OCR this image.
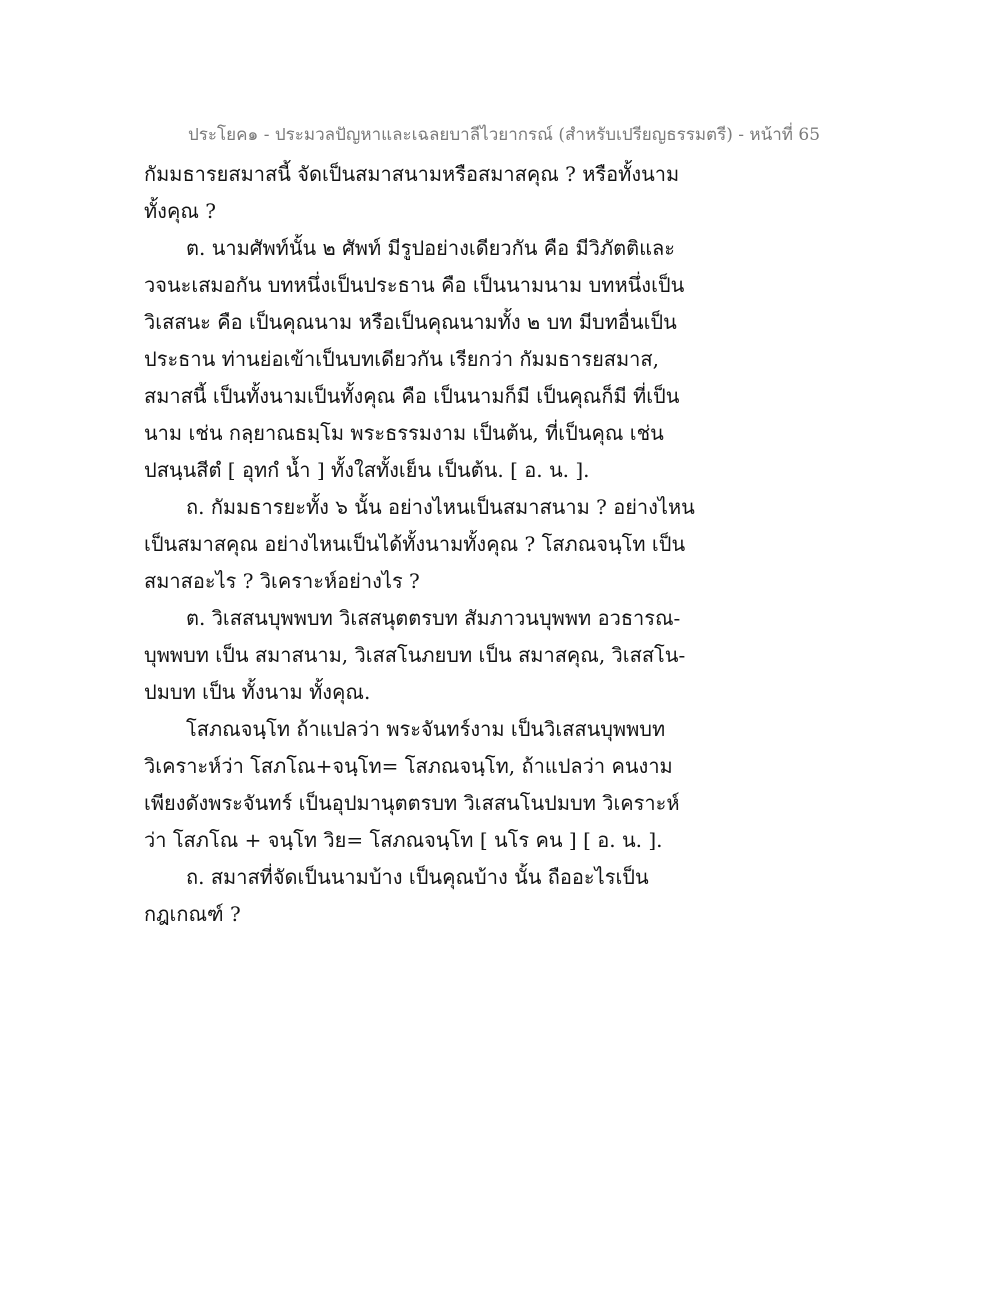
ประโยค๑ - ประมวลปัญหาและเฉลยบาลีไวยากรณ์ (สำหรับเปรียญธรรมตรี) - หน้าที่ 65
กัมมธารยสมาสนี้ จัดเป็นสมาสนามหรือสมาสคุณ ? หรือทั้งนาม
ทั้งคุณ ?
ต. นามศัพท์นั้น ๒ ศัพท์ มีรูปอย่างเดียวกัน คือ มีวิภัตติและ
วจนะเสมอกัน บทหนึ่งเป็นประธาน คือ เป็นนามนาม บทหนึ่งเป็น
วิเสสนะ คือ เป็นคุณนาม หรือเป็นคุณนามทั้ง ๒ บท มีบทอื่นเป็น
ประธาน ท่านย่อเข้าเป็นบทเดียวกัน เรียกว่า กัมมธารยสมาส,
สมาสนี้ เป็นทั้งนามเป็นทั้งคุณ คือ เป็นนามก็มี เป็นคุณก็มี ที่เป็น
นาม เช่น กลฺยาณธมฺโม พระธรรมงาม เป็นต้น, ที่เป็นคุณ เช่น
ปสนฺนสีตํ [ อุทกํ น้ำ ] ทั้งใสทั้งเย็น เป็นต้น. [ อ. น. ].
ถ. กัมมธารยะทั้ง ๖ นั้น อย่างไหนเป็นสมาสนาม ? อย่างไหน
เป็นสมาสคุณ อย่างไหนเป็นได้ทั้งนามทั้งคุณ ? โสภณจนฺโท เป็น
สมาสอะไร ? วิเคราะห์อย่างไร ?
ต. วิเสสนบุพพบท วิเสสนุตตรบท สัมภาวนบุพพท อวธารณ-
บุพพบท เป็น สมาสนาม, วิเสสโนภยบท เป็น สมาสคุณ, วิเสสโน-
ปมบท เป็น ทั้งนาม ทั้งคุณ.
โสภณจนฺโท ถ้าแปลว่า พระจันทร์งาม เป็นวิเสสนบุพพบท
วิเคราะห์ว่า โสภโณ+จนฺโท= โสภณจนฺโท, ถ้าแปลว่า คนงาม
เพียงดังพระจันทร์ เป็นอุปมานุตตรบท วิเสสนโนปมบท วิเคราะห์
ว่า โสภโณ + จนฺโท วิย= โสภณจนฺโท [ นโร คน ] [ อ. น. ].
ถ. สมาสที่จัดเป็นนามบ้าง เป็นคุณบ้าง นั้น ถืออะไรเป็น
กฎเกณฑ์ ?
